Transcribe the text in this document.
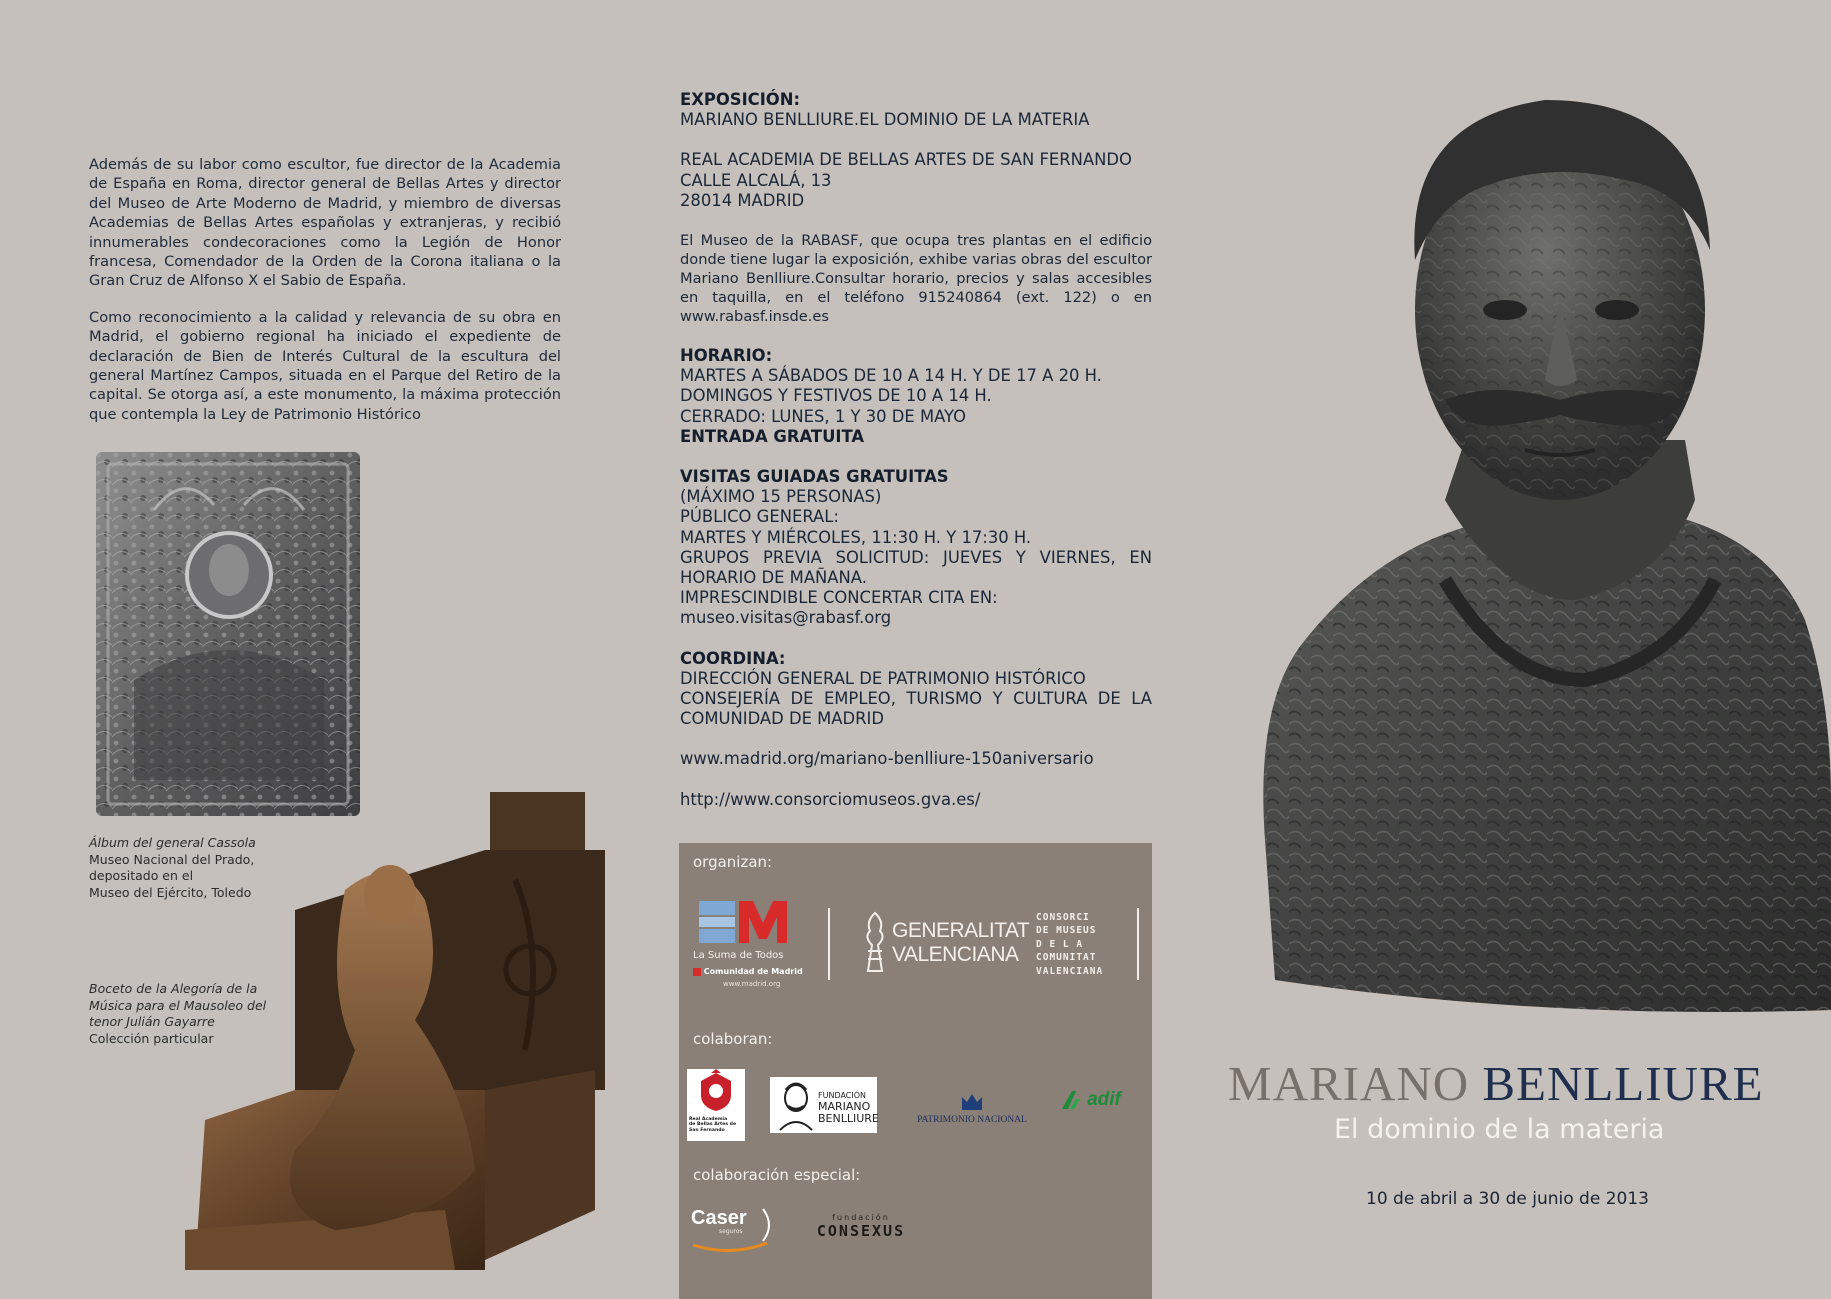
Además de su labor como escultor, fue director de la Academia de España en Roma, director general de Bellas Artes y director del Museo de Arte Moderno de Madrid, y miembro de diversas Academias de Bellas Artes españolas y extranjeras, y recibió innumerables condecoraciones como la Legión de Honor francesa, Comendador de la Orden de la Corona italiana o la Gran Cruz de Alfonso X el Sabio de España.

Como reconocimiento a la calidad y relevancia de su obra en Madrid, el gobierno regional ha iniciado el expediente de declaración de Bien de Interés Cultural de la escultura del general Martínez Campos, situada en el Parque del Retiro de la capital. Se otorga así, a este monumento, la máxima protección que contempla la Ley de Patrimonio Histórico

Álbum del general Cassola
Museo Nacional del Prado,
depositado en el
Museo del Ejército, Toledo
Boceto de la Alegoría de la
Música para el Mausoleo del
tenor Julián Gayarre
Colección particular
EXPOSICIÓN:
MARIANO BENLLIURE.EL DOMINIO DE LA MATERIA
REAL ACADEMIA DE BELLAS ARTES DE SAN FERNANDO
CALLE ALCALÁ, 13
28014 MADRID
El Museo de la RABASF, que ocupa tres plantas en el edificio donde tiene lugar la exposición, exhibe varias obras del escultor Mariano Benlliure.Consultar horario, precios y salas accesibles en taquilla, en el teléfono 915240864 (ext. 122) o en www.rabasf.insde.es
HORARIO:
MARTES A SÁBADOS DE 10 A 14 H. Y DE 17 A 20 H.
DOMINGOS Y FESTIVOS DE 10 A 14 H.
CERRADO: LUNES, 1 Y 30 DE MAYO
ENTRADA GRATUITA
VISITAS GUIADAS GRATUITAS
(MÁXIMO 15 PERSONAS)
PÚBLICO GENERAL:
MARTES Y MIÉRCOLES, 11:30 H. Y 17:30 H.
GRUPOS PREVIA SOLICITUD: JUEVES Y VIERNES, EN HORARIO DE MAÑANA.
IMPRESCINDIBLE CONCERTAR CITA EN:
museo.visitas@rabasf.org
COORDINA:
DIRECCIÓN GENERAL DE PATRIMONIO HISTÓRICO
CONSEJERÍA DE EMPLEO, TURISMO Y CULTURA DE LA COMUNIDAD DE MADRID
www.madrid.org/mariano-benlliure-150aniversario
http://www.consorciomuseos.gva.es/
organizan:
La Suma de Todos
Comunidad de Madrid
www.madrid.org
GENERALITAT
VALENCIANA
CONSORCI
DE MUSEUS
D E L A
COMUNITAT
VALENCIANA
colaboran:
Real Academia
de Bellas Artes de
San Fernando
FUNDACIÓN
MARIANO
BENLLIURE	PATRIMONIO NACIONAL
adif
colaboración especial:
Caser
seguros
fundación
CONSEXUS
MARIANO BENLLIURE
El dominio de la materia
10 de abril a 30 de junio de 2013
